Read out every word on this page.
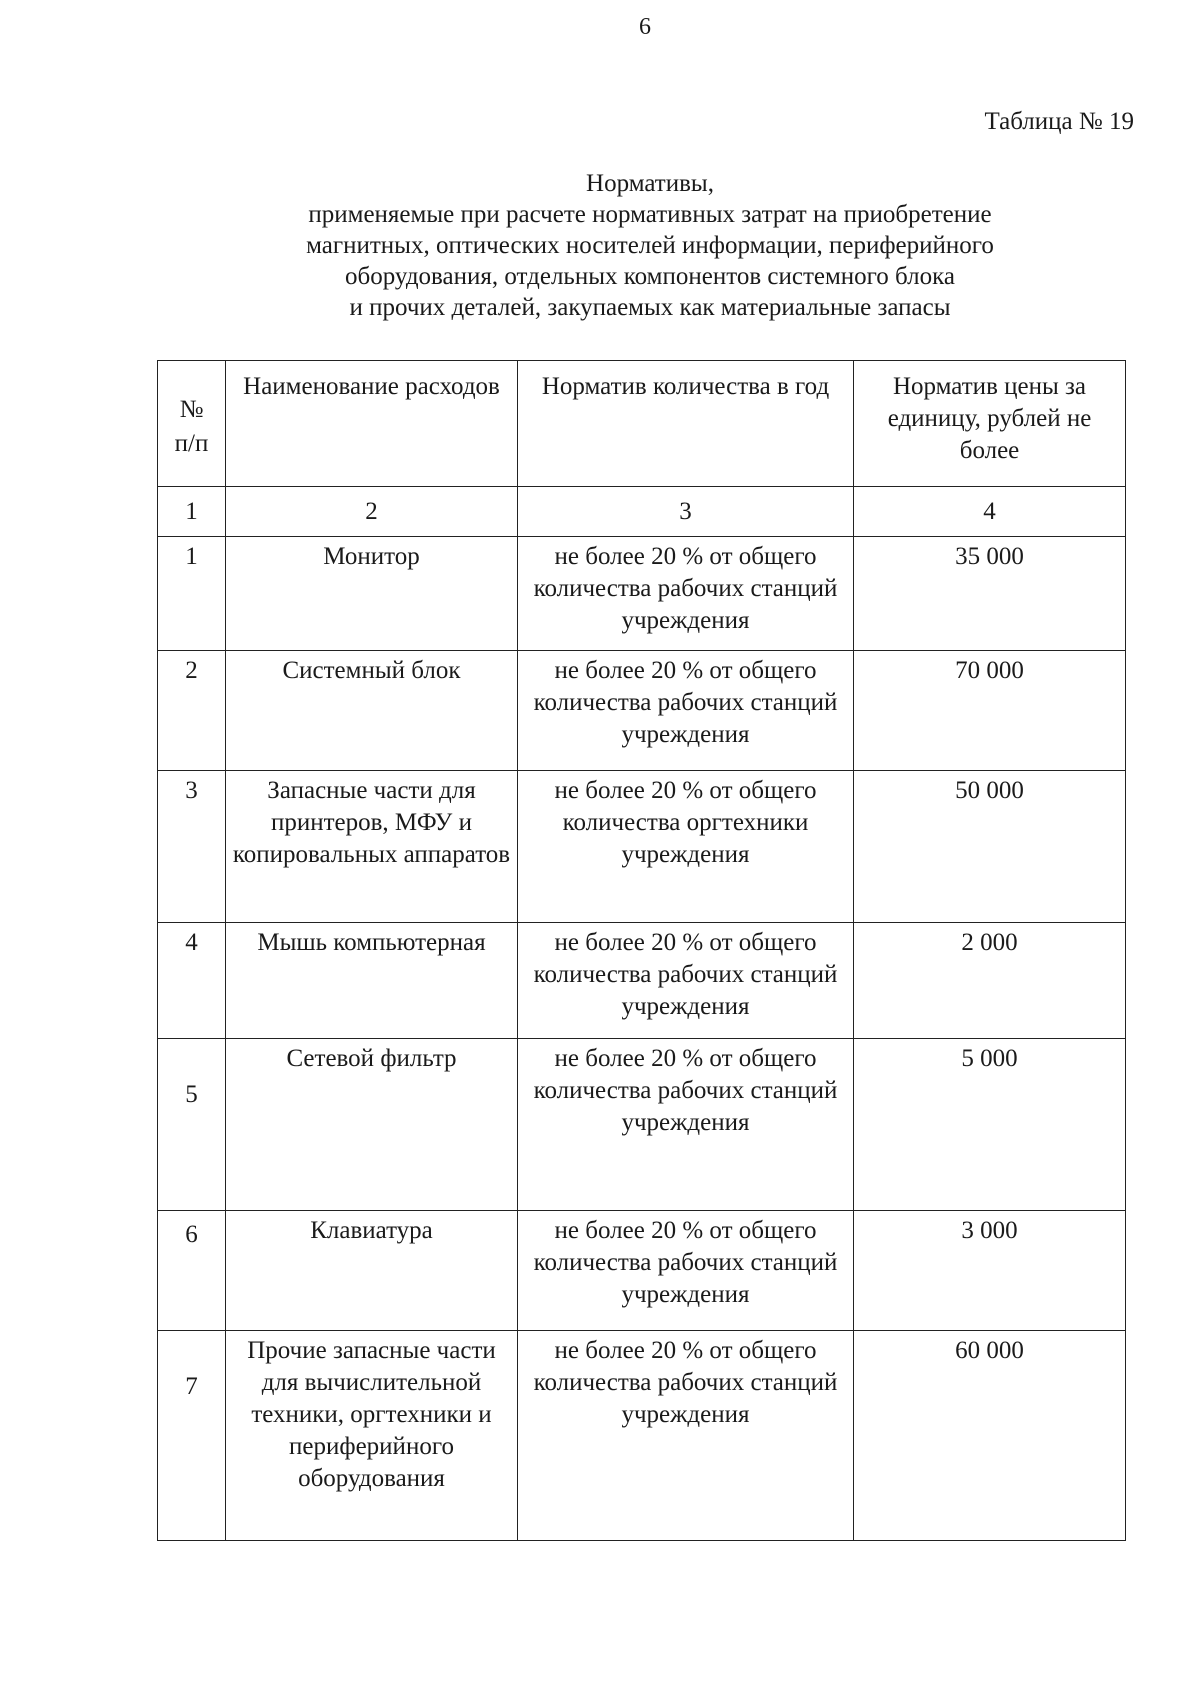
6
Таблица № 19
Нормативы,
применяемые при расчете нормативных затрат на приобретение
магнитных, оптических носителей информации, периферийного
оборудования, отдельных компонентов системного блока
и прочих деталей, закупаемых как материальные запасы
№
п/п	Наименование расходов	Норматив количества в год	Норматив цены за единицу, рублей не более
1	2	3	4
1	Монитор	не более 20 % от общего количества рабочих станций учреждения	35 000
2	Системный блок	не более 20 % от общего количества рабочих станций учреждения	70 000
3	Запасные части для принтеров, МФУ и копировальных аппаратов	не более 20 % от общего количества оргтехники учреждения	50 000
4	Мышь компьютерная	не более 20 % от общего количества рабочих станций учреждения	2 000
5	Сетевой фильтр	не более 20 % от общего количества рабочих станций учреждения	5 000
6	Клавиатура	не более 20 % от общего количества рабочих станций учреждения	3 000
7	Прочие запасные части для вычислительной техники, оргтехники и периферийного оборудования	не более 20 % от общего количества рабочих станций учреждения	60 000
